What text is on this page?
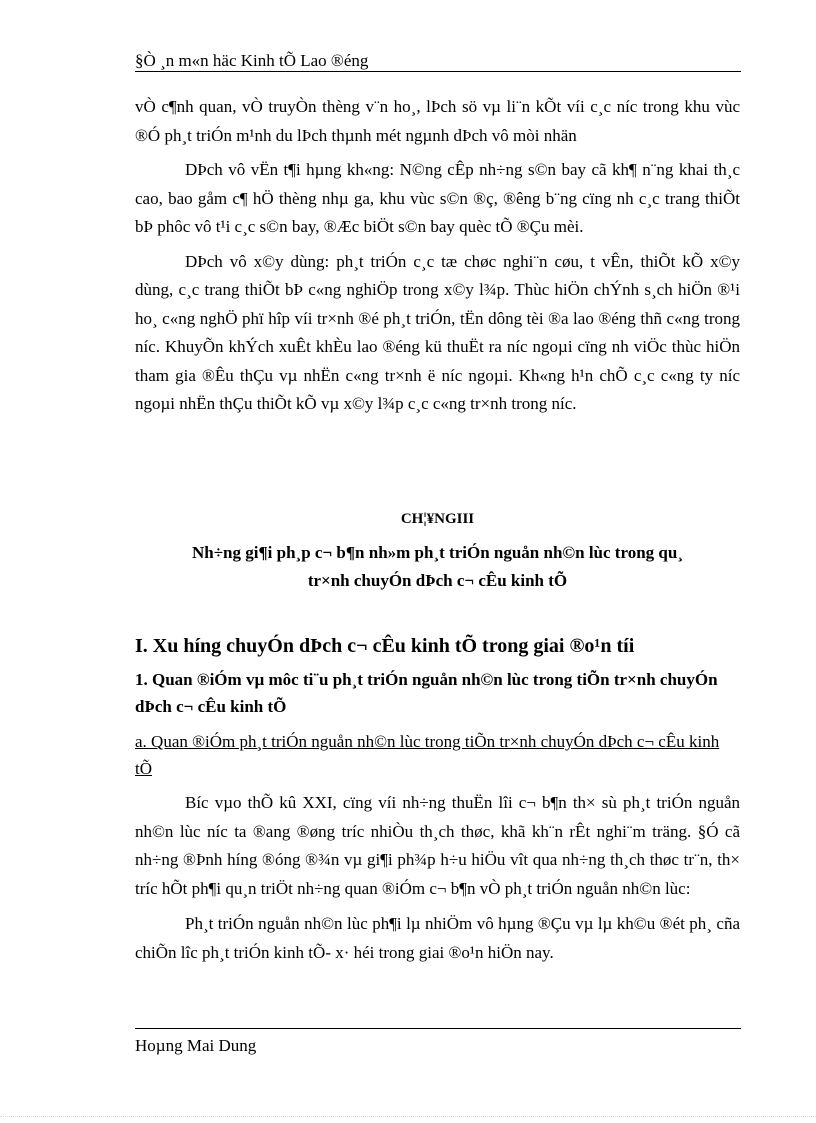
§Ò ¸n m«n häc Kinh tÕ Lao ®éng

vÒ c¶nh quan, vÒ truyÒn thèng v¨n ho¸, lÞch sö vµ li¨n kÕt víi c¸c níc trong khu vùc ®Ó ph¸t triÓn m¹nh du lÞch thµnh mét ngµnh dÞch vô mòi nhän

DÞch vô vËn t¶i hµng kh«ng: N©ng cÊp nh÷ng s©n bay cã kh¶ n¨ng khai th¸c cao, bao gåm c¶ hÖ thèng nhµ ga, khu vùc s©n ®ç, ®êng b¨ng cïng nh c¸c trang thiÕt bÞ phôc vô t¹i c¸c s©n bay, ®Æc biÖt s©n bay quèc tÕ ®Çu mèi.

DÞch vô x©y dùng: ph¸t triÓn c¸c tæ chøc nghi¨n cøu, t vÊn, thiÕt kÕ x©y dùng, c¸c trang thiÕt bÞ c«ng nghiÖp trong x©y l¾p. Thùc hiÖn chÝnh s¸ch hiÖn ®¹i ho¸ c«ng nghÖ phï hîp víi tr×nh ®é ph¸t triÓn, tËn dông tèi ®a lao ®éng thñ c«ng trong níc. KhuyÕn khÝch xuÊt khÈu lao ®éng kü thuËt ra níc ngoµi cïng nh viÖc thùc hiÖn tham gia ®Êu thÇu vµ nhËn c«ng tr×nh ë níc ngoµi. Kh«ng h¹n chÕ c¸c c«ng ty níc ngoµi nhËn thÇu thiÕt kÕ vµ x©y l¾p c¸c c«ng tr×nh trong níc.

CH¦¥NGIII
Nh÷ng gi¶i ph¸p c¬ b¶n nh»m ph¸t triÓn nguån nh©n lùc trong qu¸
tr×nh chuyÓn dÞch c¬ cÊu kinh tÕ

I. Xu híng chuyÓn dÞch c¬ cÊu kinh tÕ trong giai ®o¹n tíi

1. Quan ®iÓm vµ môc ti¨u ph¸t triÓn nguån nh©n lùc trong tiÕn tr×nh chuyÓn dÞch c¬ cÊu kinh tÕ

a. Quan ®iÓm ph¸t triÓn nguån nh©n lùc trong tiÕn tr×nh chuyÓn dÞch c¬ cÊu kinh tÕ

Bíc vµo thÕ kû XXI, cïng víi nh÷ng thuËn lîi c¬ b¶n th× sù ph¸t triÓn nguån nh©n lùc níc ta ®ang ®øng tríc nhiÒu th¸ch thøc, khã kh¨n rÊt nghi¨m träng. §Ó cã nh÷ng ®Þnh híng ®óng ®¾n vµ gi¶i ph¾p h÷u hiÖu vît qua nh÷ng th¸ch thøc tr¨n, th× tríc hÕt ph¶i qu¸n triÖt nh÷ng quan ®iÓm c¬ b¶n vÒ ph¸t triÓn nguån nh©n lùc:

Ph¸t triÓn nguån nh©n lùc ph¶i lµ nhiÖm vô hµng ®Çu vµ lµ kh©u ®ét ph¸ cña chiÕn lîc ph¸t triÓn kinh tÕ- x· héi trong giai ®o¹n hiÖn nay.

Hoµng Mai Dung
